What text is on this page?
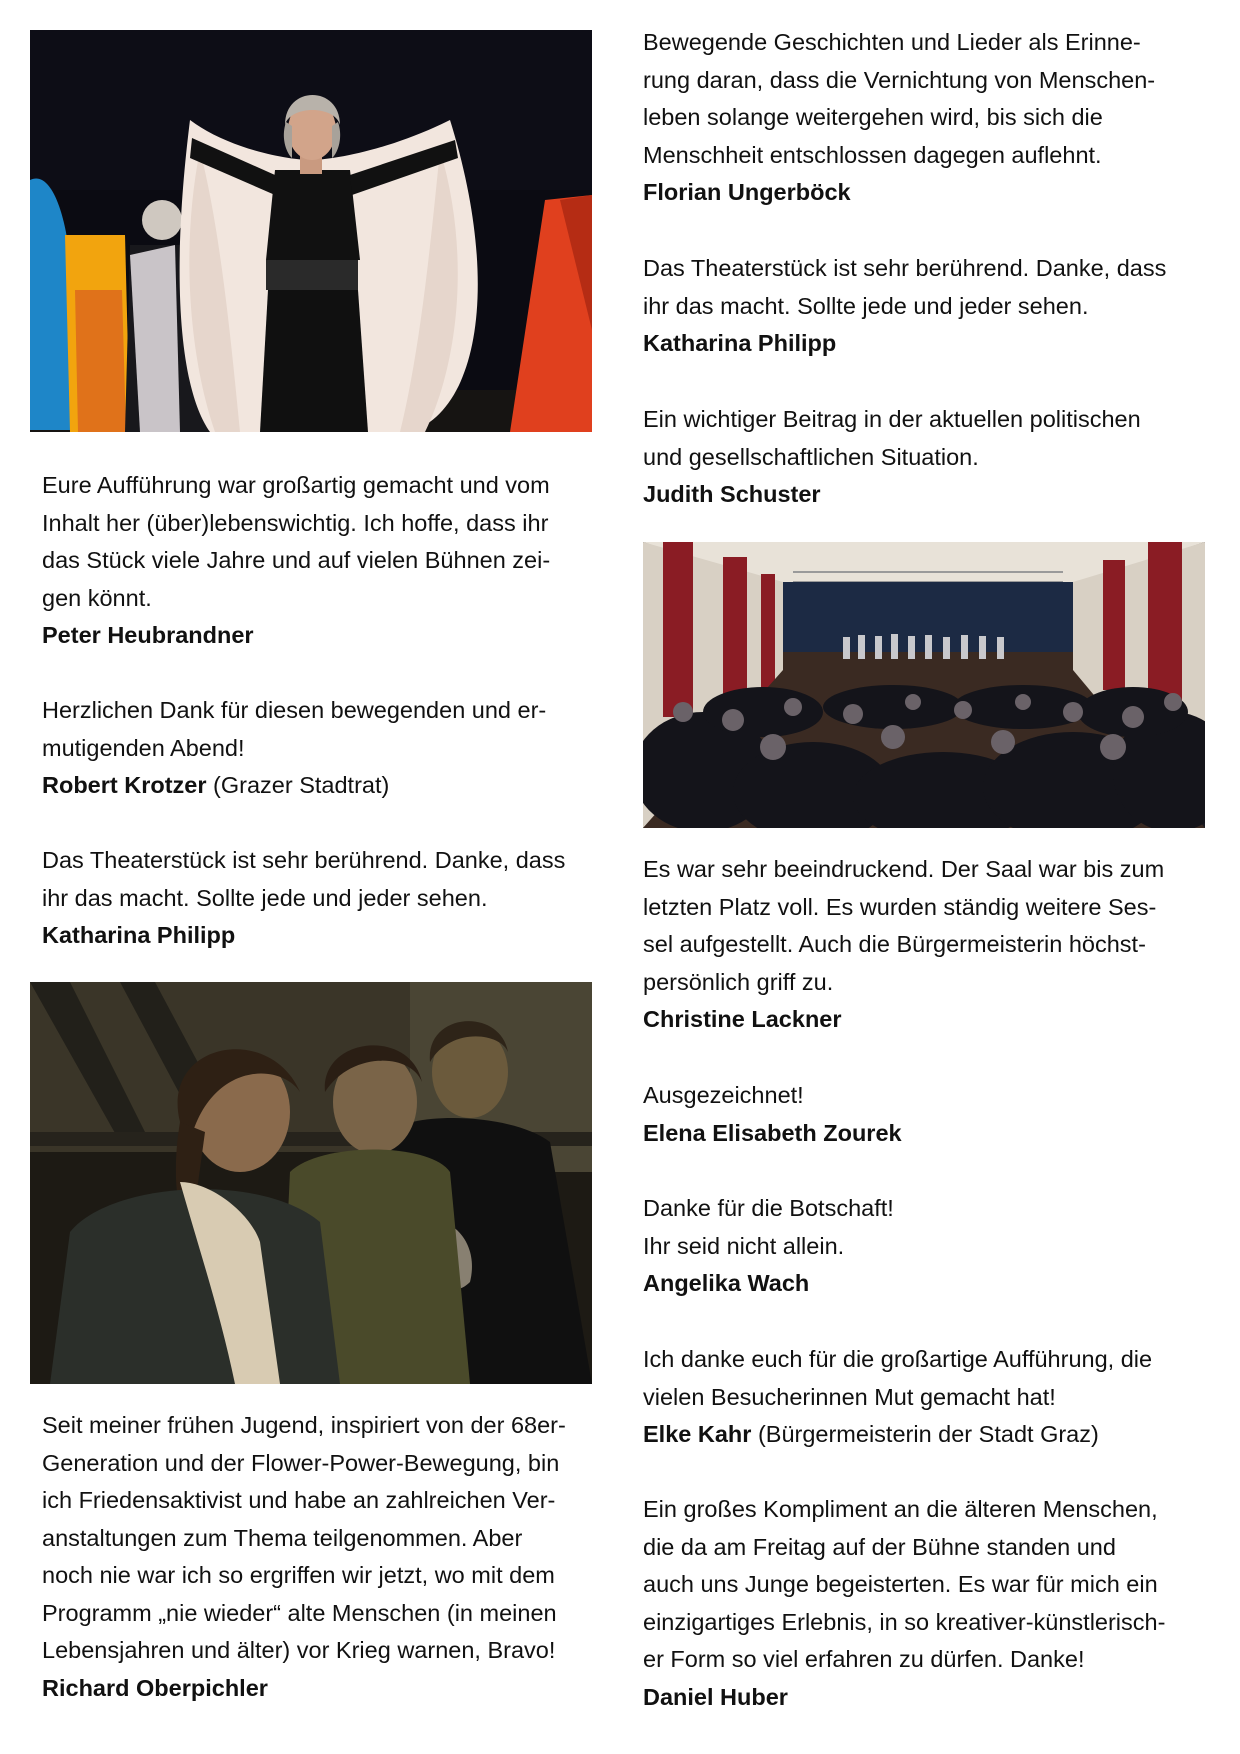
Eure Aufführung war großartig gemacht und vom

Inhalt her (über)lebenswichtig. Ich hoffe, dass ihr

das Stück viele Jahre und auf vielen Bühnen zei-

gen könnt.

Peter Heubrandner

Herzlichen Dank für diesen bewegenden und er-

mutigenden Abend!

Robert Krotzer (Grazer Stadtrat)

Das Theaterstück ist sehr berührend. Danke, dass

ihr das macht. Sollte jede und jeder sehen.

Katharina Philipp

Seit meiner frühen Jugend, inspiriert von der 68er-

Generation und der Flower-Power-Bewegung, bin

ich Friedensaktivist und habe an zahlreichen Ver-

anstaltungen zum Thema teilgenommen. Aber

noch nie war ich so ergriffen wir jetzt, wo mit dem

Programm „nie wieder“ alte Menschen (in meinen

Lebensjahren und älter) vor Krieg warnen, Bravo!

Richard Oberpichler

Bewegende Geschichten und Lieder als Erinne-

rung daran, dass die Vernichtung von Menschen-

leben solange weitergehen wird, bis sich die

Menschheit entschlossen dagegen auflehnt.

Florian Ungerböck

Das Theaterstück ist sehr berührend. Danke, dass

ihr das macht. Sollte jede und jeder sehen.

Katharina Philipp

Ein wichtiger Beitrag in der aktuellen politischen

und gesellschaftlichen Situation.

Judith Schuster

Es war sehr beeindruckend. Der Saal war bis zum

letzten Platz voll. Es wurden ständig weitere Ses-

sel aufgestellt. Auch die Bürgermeisterin höchst-

persönlich griff zu.

Christine Lackner

Ausgezeichnet!

Elena Elisabeth Zourek

Danke für die Botschaft!

Ihr seid nicht allein.

Angelika Wach

Ich danke euch für die großartige Aufführung, die

vielen Besucherinnen Mut gemacht hat!

Elke Kahr (Bürgermeisterin der Stadt Graz)

Ein großes Kompliment an die älteren Menschen,

die da am Freitag auf der Bühne standen und

auch uns Junge begeisterten. Es war für mich ein

einzigartiges Erlebnis, in so kreativer-künstlerisch-

er Form so viel erfahren zu dürfen. Danke!

Daniel Huber
